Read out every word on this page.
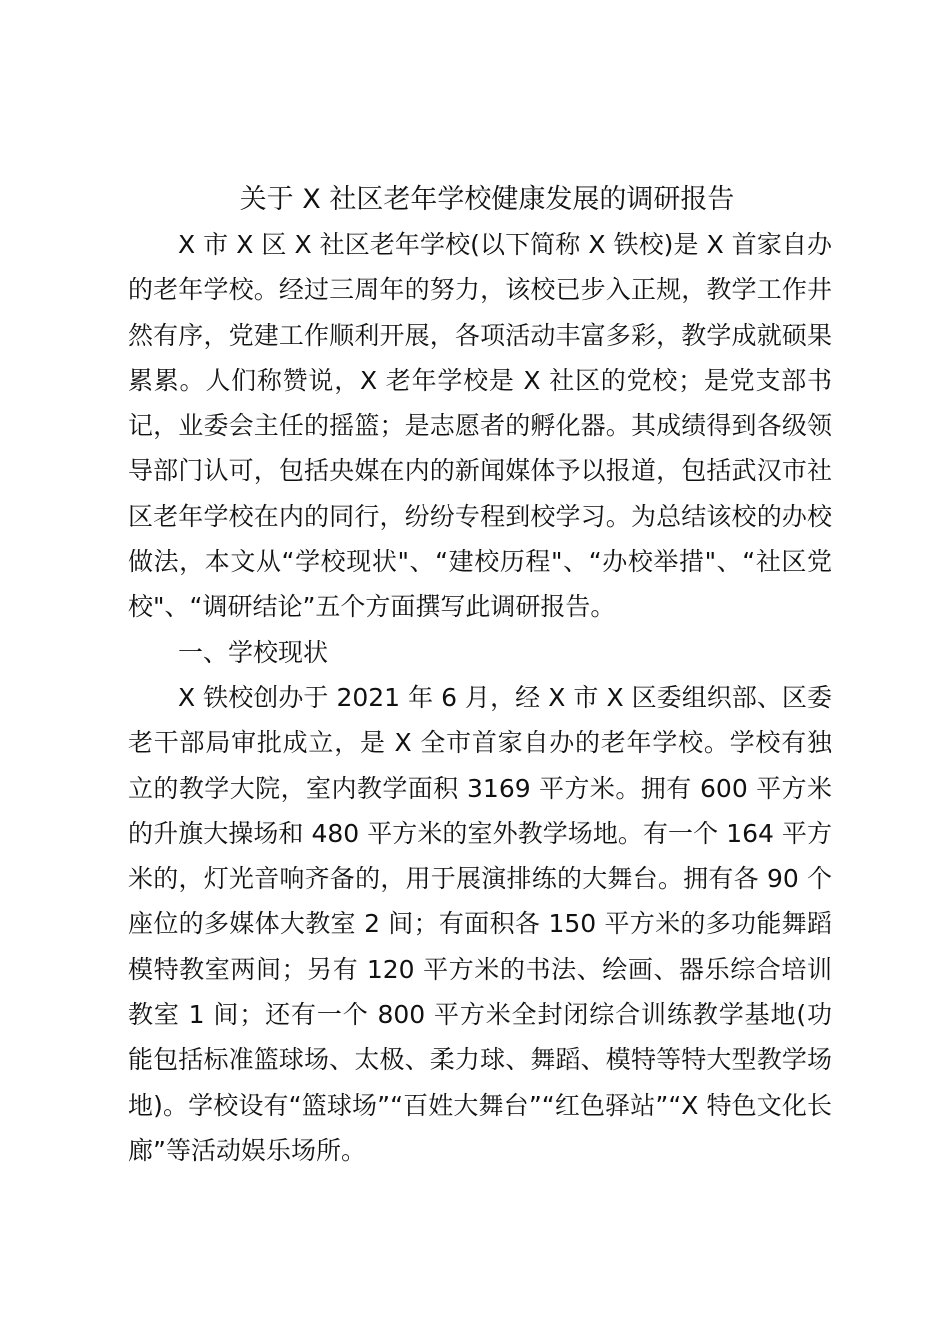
关于 X 社区老年学校健康发展的调研报告

X 市 X 区 X 社区老年学校(以下简称 X 铁校)是 X 首家自办的老年学校。经过三周年的努力，该校已步入正规，教学工作井然有序，党建工作顺利开展，各项活动丰富多彩，教学成就硕果累累。人们称赞说，X 老年学校是 X 社区的党校；是党支部书记，业委会主任的摇篮；是志愿者的孵化器。其成绩得到各级领导部门认可，包括央媒在内的新闻媒体予以报道，包括武汉市社区老年学校在内的同行，纷纷专程到校学习。为总结该校的办校做法，本文从“学校现状"、“建校历程"、“办校举措"、“社区党校"、“调研结论”五个方面撰写此调研报告。

一、学校现状

X 铁校创办于 2021 年 6 月，经 X 市 X 区委组织部、区委老干部局审批成立，是 X 全市首家自办的老年学校。学校有独立的教学大院，室内教学面积 3169 平方米。拥有 600 平方米的升旗大操场和 480 平方米的室外教学场地。有一个 164 平方米的，灯光音响齐备的，用于展演排练的大舞台。拥有各 90 个座位的多媒体大教室 2 间；有面积各 150 平方米的多功能舞蹈模特教室两间；另有 120 平方米的书法、绘画、器乐综合培训教室 1 间；还有一个 800 平方米全封闭综合训练教学基地(功能包括标准篮球场、太极、柔力球、舞蹈、模特等特大型教学场地)。学校设有“篮球场”“百姓大舞台”“红色驿站”“X 特色文化长廊”等活动娱乐场所。
